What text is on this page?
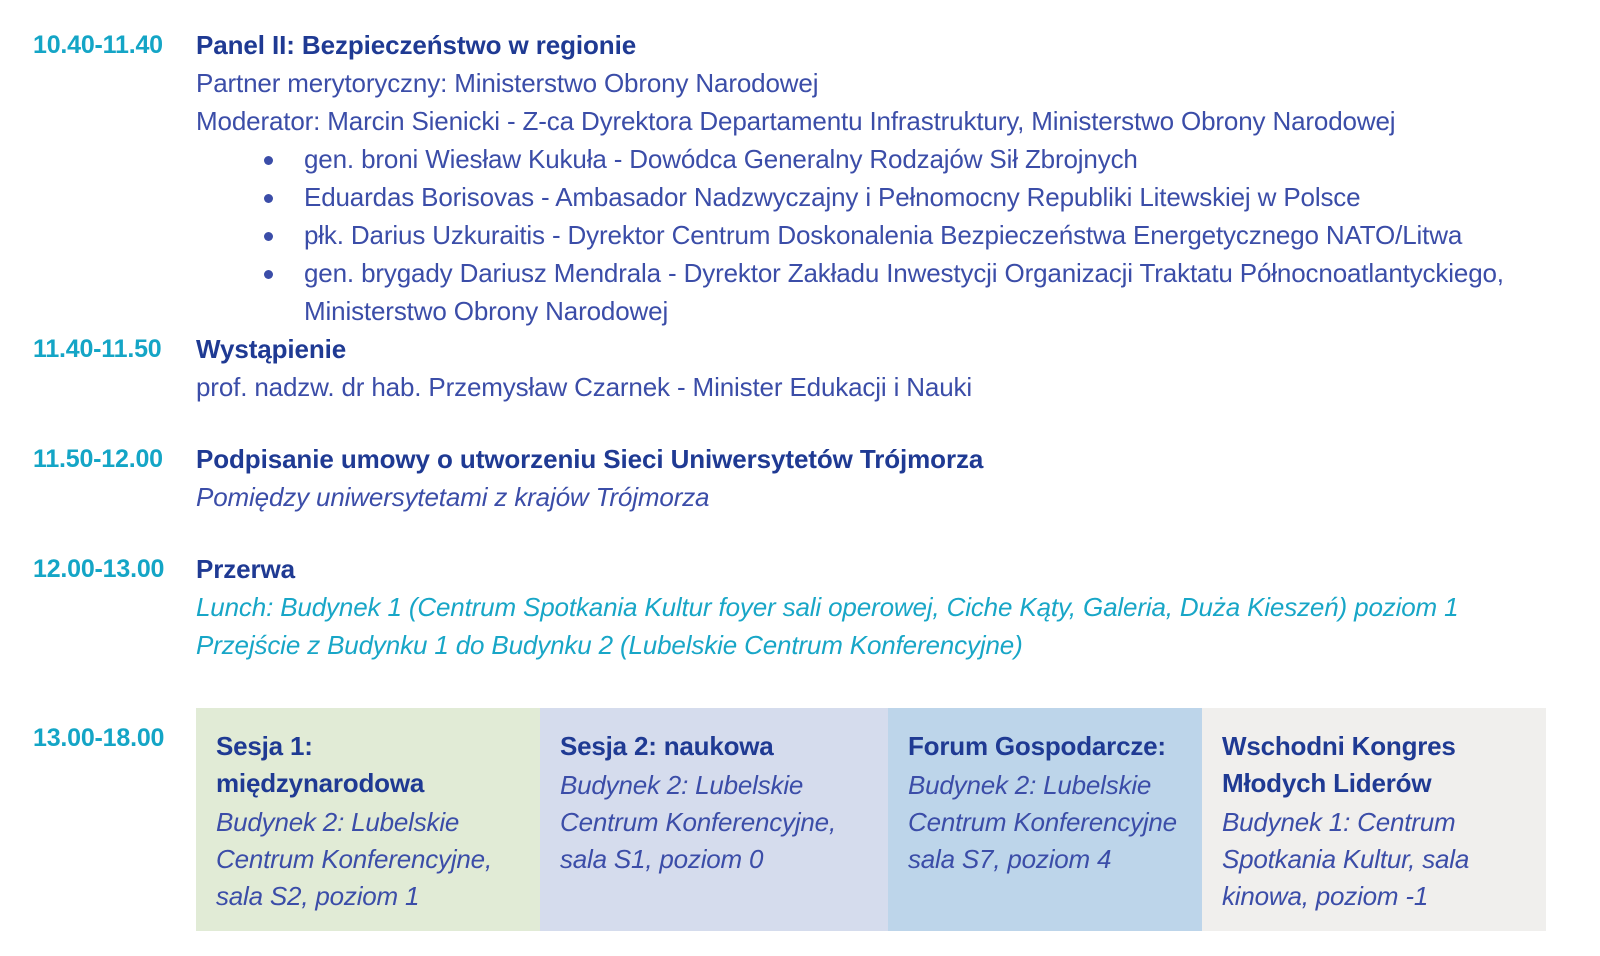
10.40-11.40	Panel II: Bezpieczeństwo w regionie
Partner merytoryczny: Ministerstwo Obrony Narodowej
Moderator: Marcin Sienicki - Z-ca Dyrektora Departamentu Infrastruktury, Ministerstwo Obrony Narodowej
gen. broni Wiesław Kukuła - Dowódca Generalny Rodzajów Sił Zbrojnych
Eduardas Borisovas - Ambasador Nadzwyczajny i Pełnomocny Republiki Litewskiej w Polsce
płk. Darius Uzkuraitis - Dyrektor Centrum Doskonalenia Bezpieczeństwa Energetycznego NATO/Litwa
gen. brygady Dariusz Mendrala - Dyrektor Zakładu Inwestycji Organizacji Traktatu Północnoatlantyckiego, Ministerstwo Obrony Narodowej
11.40-11.50	Wystąpienie
prof. nadzw. dr hab. Przemysław Czarnek - Minister Edukacji i Nauki
11.50-12.00	Podpisanie umowy o utworzeniu Sieci Uniwersytetów Trójmorza
Pomiędzy uniwersytetami z krajów Trójmorza
12.00-13.00	Przerwa
Lunch: Budynek 1 (Centrum Spotkania Kultur foyer sali operowej, Ciche Kąty, Galeria, Duża Kieszeń) poziom 1
Przejście z Budynku 1 do Budynku 2 (Lubelskie Centrum Konferencyjne)
13.00-18.00	Sesja 1: międzynarodowa
Budynek 2: Lubelskie Centrum Konferencyjne, sala S2, poziom 1
Sesja 2: naukowa
Budynek 2: Lubelskie Centrum Konferencyjne, sala S1, poziom 0
Forum Gospodarcze:
Budynek 2: Lubelskie Centrum Konferencyjne sala S7, poziom 4
Wschodni Kongres Młodych Liderów
Budynek 1: Centrum Spotkania Kultur, sala kinowa, poziom -1
